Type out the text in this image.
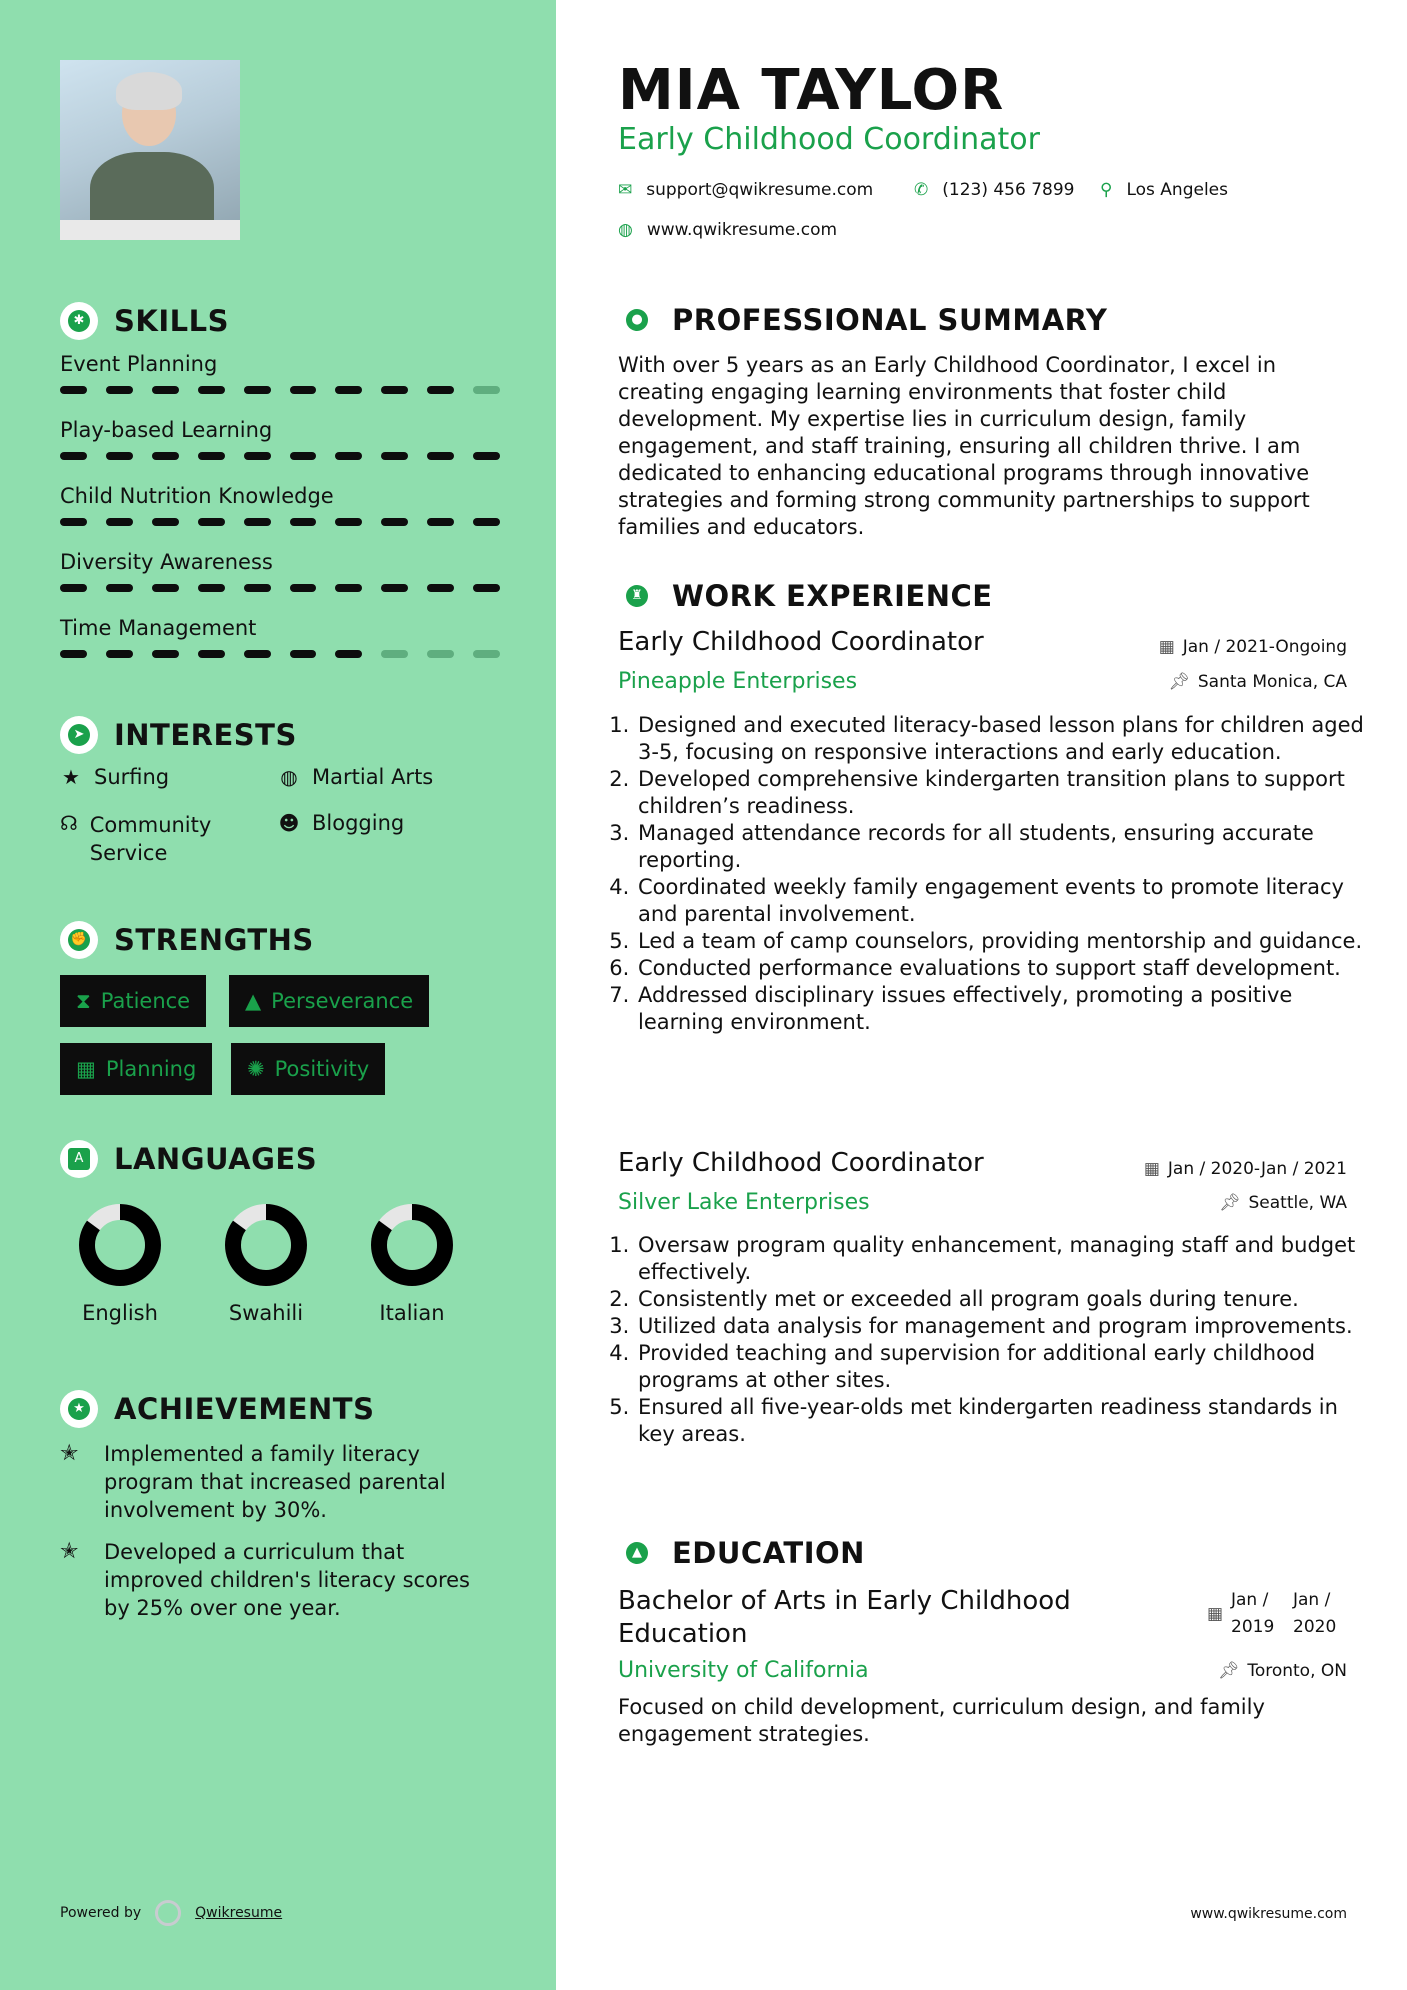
✱ SKILLS
Event Planning
Play-based Learning
Child Nutrition Knowledge
Diversity Awareness
Time Management
➤ INTERESTS
★ Surfing	◍ Martial Arts
☊ Community Service
☻ Blogging
✊ STRENGTHS
⧗ Patience	▲ Perseverance
▦ Planning ✺ Positivity
A LANGUAGES
English	Swahili	Italian
★ ACHIEVEMENTS
✭	Implemented a family literacy program that increased parental involvement by 30%.
✭	Developed a curriculum that improved children's literacy scores by 25% over one year.
Powered by	Qwikresume
MIA TAYLOR
Early Childhood Coordinator
✉ support@qwikresume.com ✆ (123) 456 7899 ⚲ Los Angeles
◍ www.qwikresume.com
● PROFESSIONAL SUMMARY
With over 5 years as an Early Childhood Coordinator, I excel in creating engaging learning environments that foster child development. My expertise lies in curriculum design, family engagement, and staff training, ensuring all children thrive. I am dedicated to enhancing educational programs through innovative strategies and forming strong community partnerships to support families and educators.
♜ WORK EXPERIENCE
Early Childhood Coordinator	▦ Jan / 2021-Ongoing
Pineapple Enterprises	📌︎ Santa Monica, CA
1. Designed and executed literacy-based lesson plans for children aged 3-5, focusing on responsive interactions and early education.
2. Developed comprehensive kindergarten transition plans to support children’s readiness.
3. Managed attendance records for all students, ensuring accurate reporting.
4. Coordinated weekly family engagement events to promote literacy and parental involvement.
5. Led a team of camp counselors, providing mentorship and guidance.
6. Conducted performance evaluations to support staff development.
7. Addressed disciplinary issues effectively, promoting a positive learning environment.
Early Childhood Coordinator	▦ Jan / 2020-Jan / 2021
Silver Lake Enterprises	📌︎ Seattle, WA
1. Oversaw program quality enhancement, managing staff and budget effectively.
2. Consistently met or exceeded all program goals during tenure.
3. Utilized data analysis for management and program improvements.
4. Provided teaching and supervision for additional early childhood programs at other sites.
5. Ensured all five-year-olds met kindergarten readiness standards in key areas.
▲ EDUCATION
Bachelor of Arts in Early Childhood
Education
▦
Jan /
2019
Jan /
2020
University of California	📌︎ Toronto, ON
Focused on child development, curriculum design, and family engagement strategies.
www.qwikresume.com
